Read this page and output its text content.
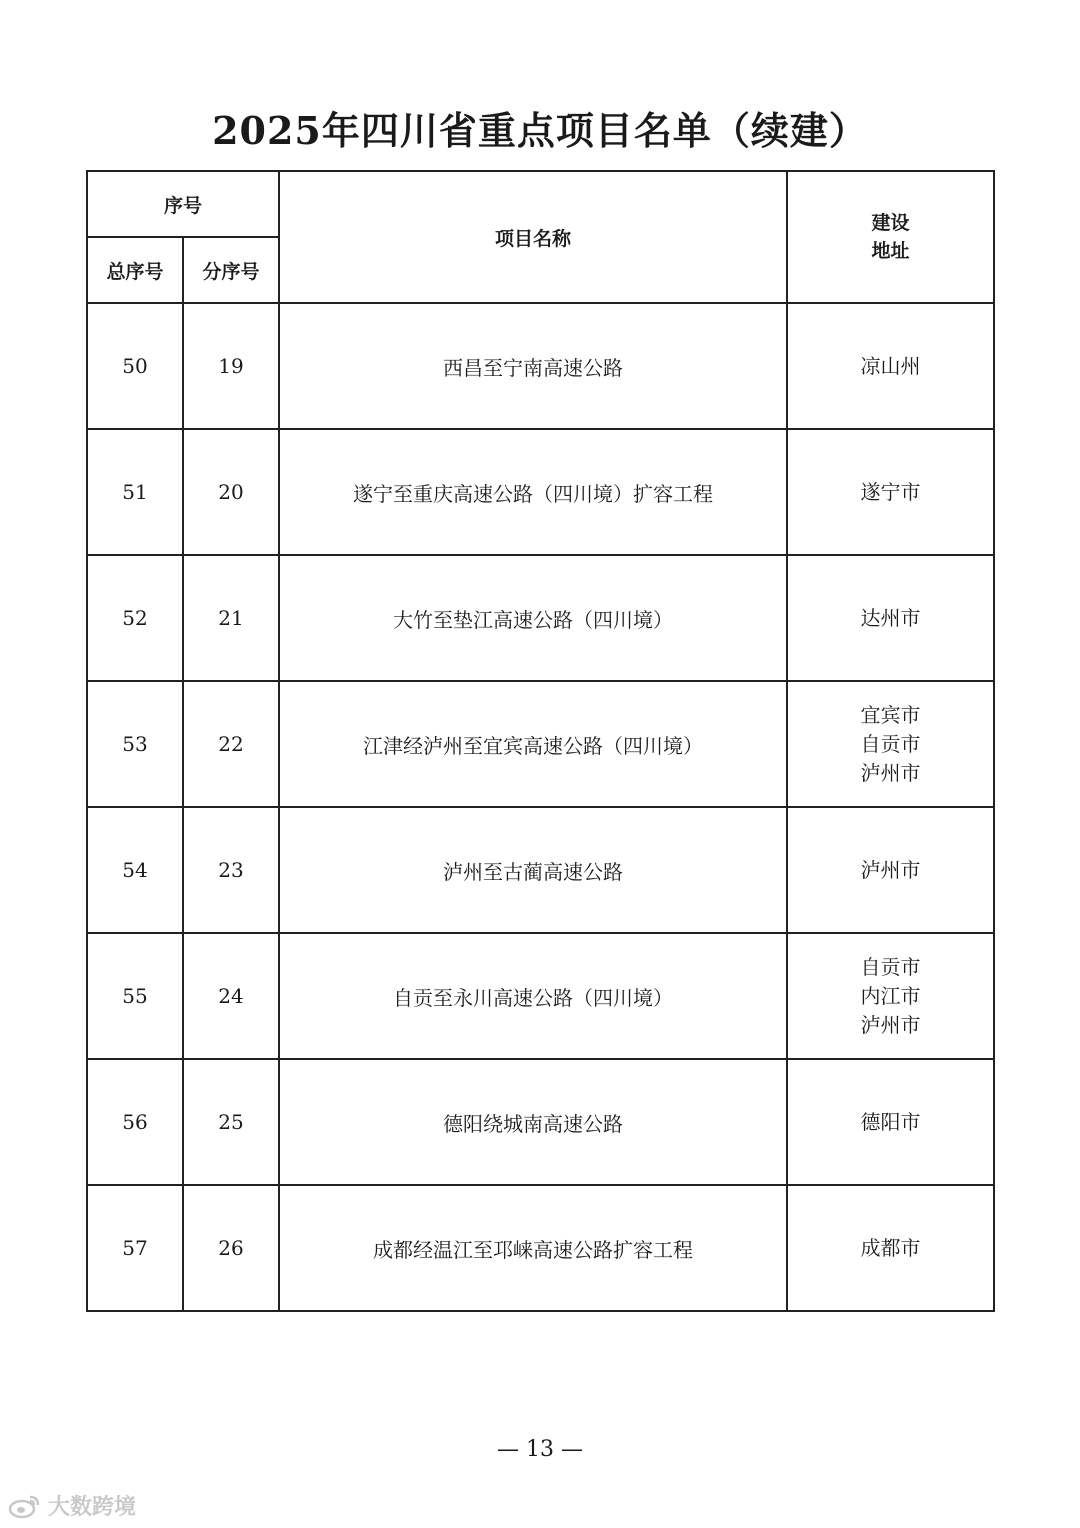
2025年四川省重点项目名单（续建）
序号		项目名称	建设
地址
总序号	分序号		
50	19	西昌至宁南高速公路	凉山州

51	20	遂宁至重庆高速公路（四川境）扩容工程	遂宁市

52	21	大竹至垫江高速公路（四川境）	达州市

53	22	江津经泸州至宜宾高速公路（四川境）	宜宾市
自贡市
泸州市

54	23	泸州至古蔺高速公路	泸州市

55	24	自贡至永川高速公路（四川境）	自贡市
内江市
泸州市

56	25	德阳绕城南高速公路	德阳市

57	26	成都经温江至邛崃高速公路扩容工程	成都市
— 13 —
大数跨境
